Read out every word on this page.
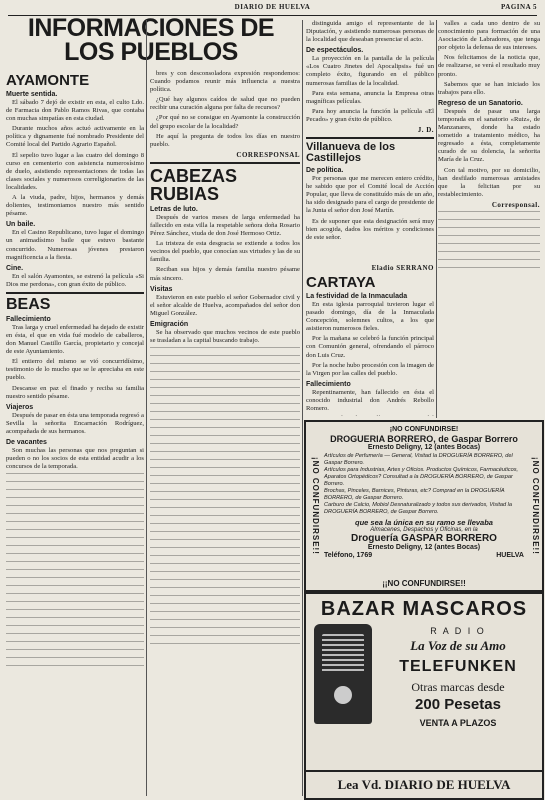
DIARIO DE HUELVA	PAGINA 5
INFORMACIONES DE LOS PUEBLOS
AYAMONTE
Muerte sentida.

El sábado 7 dejó de existir en esta, el culto Ldo. de Farmacia don Pablo Ramos Rivas, que contaba con muchas simpatías en esta ciudad.

Durante muchos años actuó activamente en la política y dignamente fué nombrado Presidente del Comité local del Partido Agrario Español.

El sepelio tuvo lugar a las cuatro del domingo 8 curso en cementerio con asistencia numerosísimo de duelo, asistiendo representaciones de todas las clases sociales y numerosos correligionarios de las localidades.

A la viuda, padre, hijos, hermanos y demás dolientes, testimoniamos nuestro más sentido pésame.

Un baile.

En el Casino Republicano, tuvo lugar el domingo un animadísimo baile que estuvo bastante concurrido. Numerosas jóvenes prestaron magnificencia a la fiesta.

Cine.

En el salón Ayamontes, se estrenó la película «Si Dios me perdona», con gran éxito de público.

BEAS
Fallecimiento

Tras larga y cruel enfermedad ha dejado de existir en ésta, el que en vida fué modelo de caballeros, don Manuel Castillo García, propietario y concejal de este Ayuntamiento.

El entierro del mismo se vió concurridísimo, testimonio de lo mucho que se le apreciaba en este pueblo.

Descanse en paz el finado y reciba su familia nuestro sentido pésame.

Viajeros

Después de pasar en ésta una temporada regresó a Sevilla la señorita Encarnación Rodríguez, acompañada de sus hermanos.

De vacantes

Son muchas las personas que nos preguntan si pueden o no los socios de esta entidad acudir a los concursos de la temporada.

bres y con desconsoladora expresión respondemos: Cuando podamos reunir más influencia a nuestra política.

¿Qué hay algunos caídos de salud que no pueden recibir una curación alguna por falta de recursos?

¿Por qué no se consigue en Ayamonte la construcción del grupo escolar de la localidad?

He aquí la pregunta de todos los días en nuestro pueblo.

CORRESPONSAL
CABEZAS RUBIAS
Letras de luto.

Después de varios meses de larga enfermedad ha fallecido en esta villa la respetable señora doña Rosario Pérez Sánchez, viuda de don José Hermoso Ortiz.

La tristeza de esta desgracia se extiende a todos los vecinos del pueblo, que conocían sus virtudes y las de su familia.

Reciban sus hijos y demás familia nuestro pésame más sincero.

Visitas

Estuvieron en este pueblo el señor Gobernador civil y el señor alcalde de Huelva, acompañados del señor don Miguel González.

Emigración

Se ha observado que muchos vecinos de este pueblo se trasladan a la capital buscando trabajo.

distinguida amigo el representante de la Diputación, y asistiendo numerosas personas de la localidad que deseaban presenciar el acto.

De espectáculos.

La proyección en la pantalla de la película «Los Cuatro Jinetes del Apocalipsis» fué un completo éxito, figurando en el público numerosas familias de la localidad.

Para esta semana, anuncia la Empresa otras magníficas películas.

Para hoy anuncia la función la película «El Pecado» y gran éxito de público.

J. D.
Villanueva de los Castillejos
De política.

Por personas que me merecen entero crédito, he sabido que por el Comité local de Acción Popular, que lleva de constituído más de un año, ha sido designado para el cargo de presidente de la Junta el señor don José Martín.

Es de suponer que esta designación será muy bien acogida, dados los méritos y condiciones de este señor.

valles a cada uno dentro de su conocimiento para formación de una Asociación de Labradores, que tenga por objeto la defensa de sus intereses.

Nos felicitamos de la noticia que, de realizarse, se verá el resultado muy pronto.

Sabemos que se han iniciado los trabajos para ello.

Regreso de un Sanatorio.

Después de pasar una larga temporada en el sanatorio «Ruiz», de Manzanares, donde ha estado sometido a tratamiento médico, ha regresado a ésta, completamente curado de su dolencia, la señorita María de la Cruz.

Con tal motivo, por su domicilio, han desfilado numerosas amistades que la felicitan por su restablecimiento.

Corresponsal.
Eladio SERRANO
CARTAYA
La festividad de la Inmaculada

En esta iglesia parroquial tuvieron lugar el pasado domingo, día de la Inmaculada Concepción, solemnes cultos, a los que asistieron numerosos fieles.

Por la mañana se celebró la función principal con Comunión general, ofrendando el párroco don Luis Cruz.

Por la noche hubo procesión con la imagen de la Virgen por las calles del pueblo.

Fallecimiento

Repentinamente, han fallecido en ésta el conocido industrial don Andrés Rebollo Romero.

¡NO CONFUNDIRSE!!	¡NO CONFUNDIRSE!!
¡NO CONFUNDIRSE!
DROGUERIA BORRERO, de Gaspar Borrero
Ernesto Deligny, 12 (antes Bocas)
Artículos de Perfumería — General, Visitad la DROGUERÍA BORRERO, del Gaspar Borrero.
Artículos para Industrias, Artes y Oficios. Productos Químicos, Farmacéuticos, Aparatos Ortopédicos? Consultad a la DROGUERÍA BORRERO, de Gaspar Borrero.
Brochas, Pinceles, Barnices, Pinturas, etc? Comprad en la DROGUERÍA BORRERO, de Gaspar Borrero.
Carburo de Calcio, Mobiol Desnaturalizado y todos sus derivados, Visitad la DROGUERÍA BORRERO, de Gaspar Borrero.
que sea la única en su ramo se llevaba
Almacenes, Despachos y Oficinas, en la
Droguería GASPAR BORRERO
Ernesto Deligny, 12 (antes Bocas)
Teléfono, 1769	HUELVA
¡¡NO CONFUNDIRSE!!
BAZAR MASCAROS
R A D I O
La Voz de su Amo
TELEFUNKEN
Otras marcas desde
200 Pesetas
VENTA A PLAZOS
Lea Vd. DIARIO DE HUELVA
